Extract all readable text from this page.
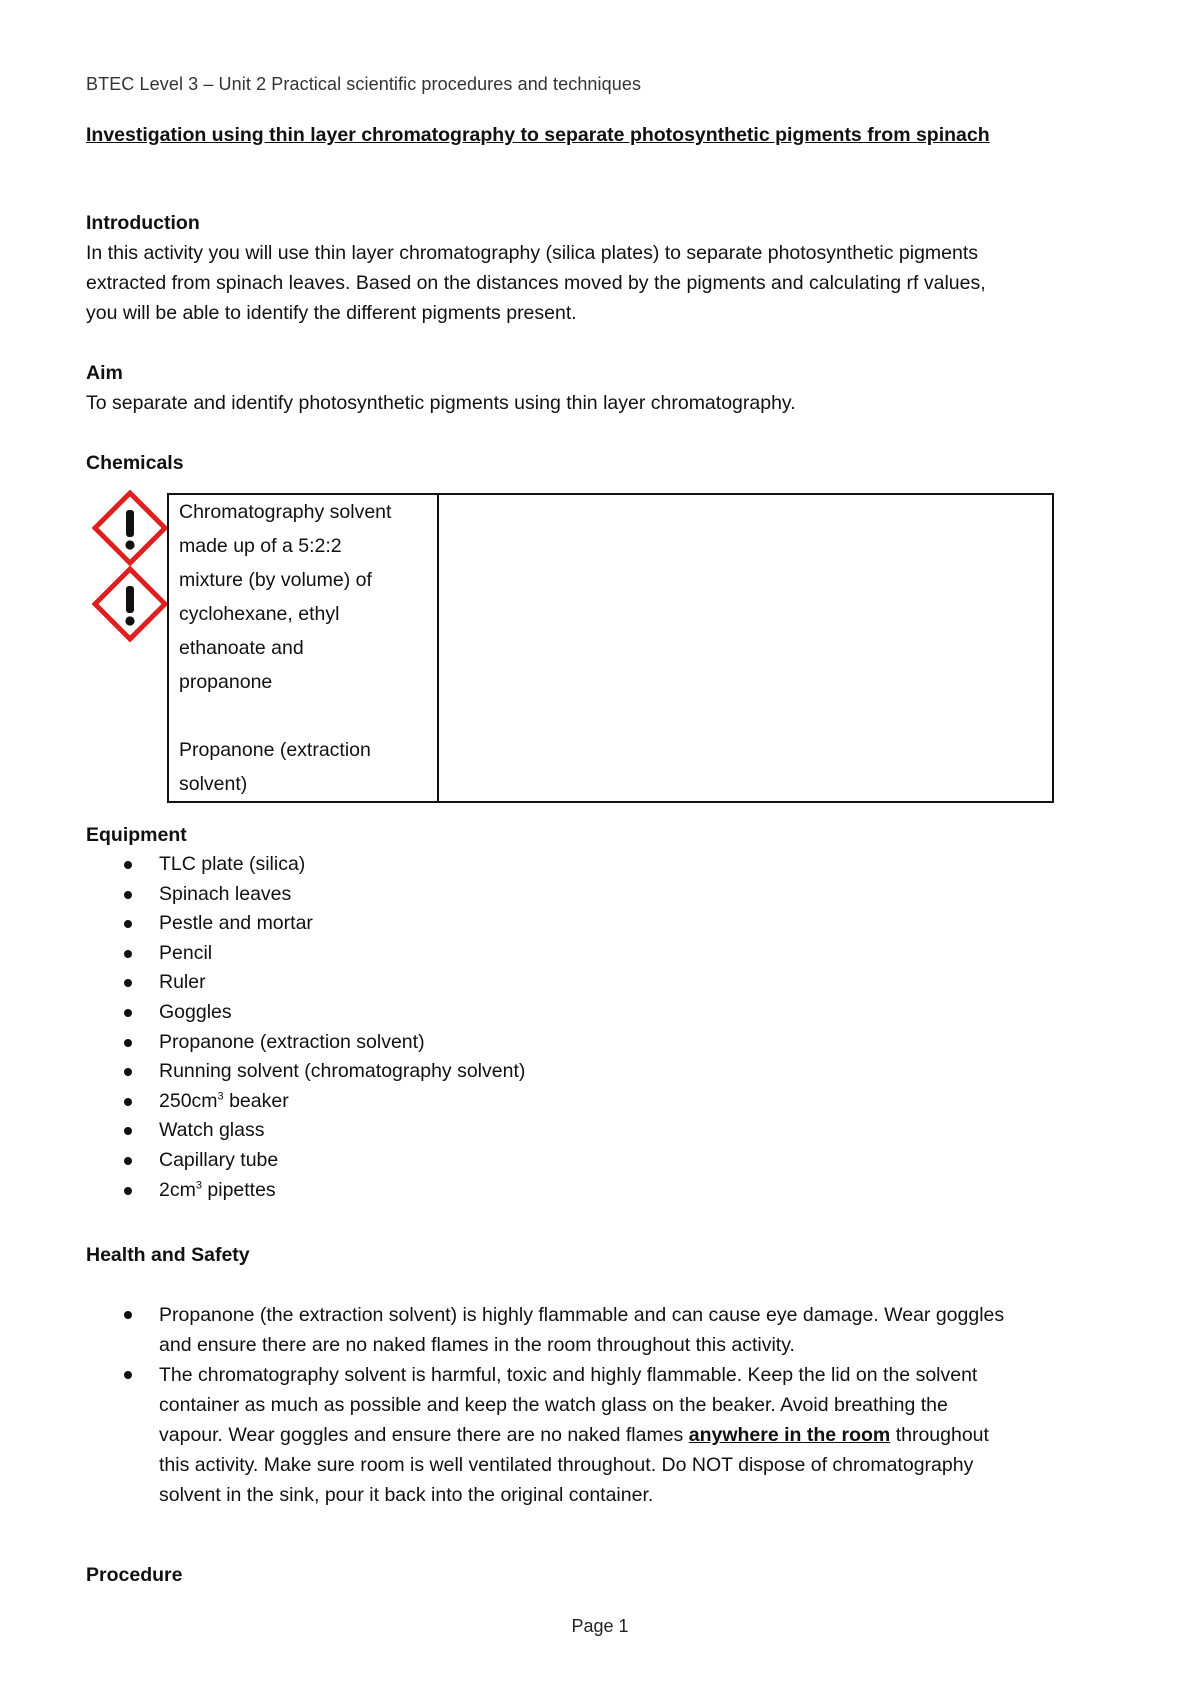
BTEC Level 3 – Unit 2 Practical scientific procedures and techniques
Investigation using thin layer chromatography to separate photosynthetic pigments from spinach
Introduction
In this activity you will use thin layer chromatography (silica plates) to separate photosynthetic pigments
extracted from spinach leaves. Based on the distances moved by the pigments and calculating rf values,
you will be able to identify the different pigments present.
Aim
To separate and identify photosynthetic pigments using thin layer chromatography.
Chemicals
Chromatography solvent
made up of a 5:2:2
mixture (by volume) of
cyclohexane, ethyl
ethanoate and
propanone
Propanone (extraction
solvent)

Equipment
TLC plate (silica)
Spinach leaves
Pestle and mortar
Pencil
Ruler
Goggles
Propanone (extraction solvent)
Running solvent (chromatography solvent)
$250cm^3$ beaker
Watch glass
Capillary tube
$2cm^3$ pipettes
Health and Safety
Propanone (the extraction solvent) is highly flammable and can cause eye damage. Wear goggles
and ensure there are no naked flames in the room throughout this activity.
The chromatography solvent is harmful, toxic and highly flammable. Keep the lid on the solvent
container as much as possible and keep the watch glass on the beaker. Avoid breathing the
vapour. Wear goggles and ensure there are no naked flames anywhere in the room throughout
this activity. Make sure room is well ventilated throughout. Do NOT dispose of chromatography
solvent in the sink, pour it back into the original container.
Procedure
Page 1
